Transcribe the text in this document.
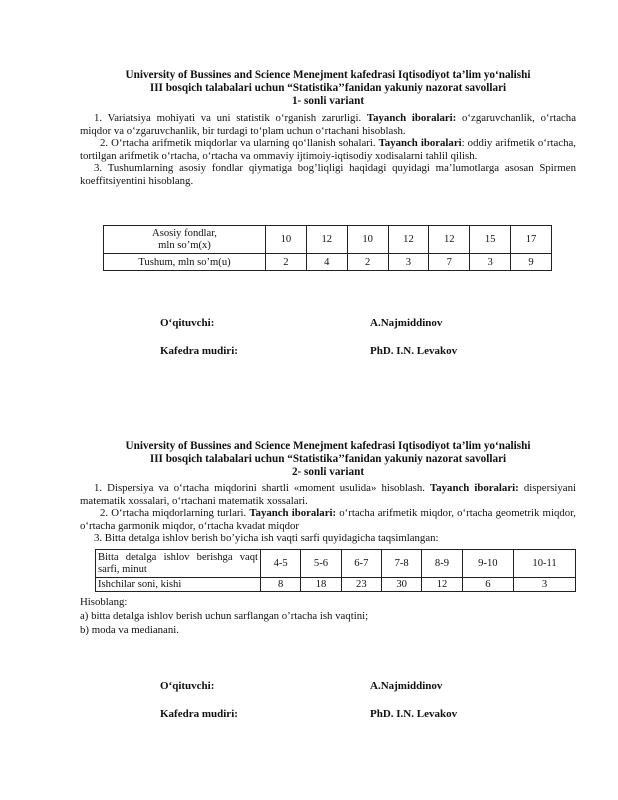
University of Bussines and Science Menejment kafedrasi Iqtisodiyot ta’lim yo‘nalishi
III bosqich talabalari uchun “Statistika’’fanidan yakuniy nazorat savollari
1- sonli variant
1. Variatsiya mohiyati va uni statistik o‘rganish zarurligi. Tayanch iboralari: o‘zgaruvchanlik, o‘rtacha miqdor va o‘zgaruvchanlik, bir turdagi to‘plam uchun o‘rtachani hisoblash.
2. O‘rtacha arifmetik miqdorlar va ularning qo‘llanish sohalari. Tayanch iboralari: oddiy arifmetik o‘rtacha, tortilgan arifmetik o‘rtacha, o‘rtacha va ommaviy ijtimoiy-iqtisodiy xodisalarni tahlil qilish.
3. Tushumlarning asosiy fondlar qiymatiga bog’liqligi haqidagi quyidagi ma’lumotlarga asosan Spirmen koeffitsiyentini hisoblang.
Asosiy fondlar,
mln so’m(x)	10	12	10	12	12	15	17
Tushum, mln so’m(u)	2	4	2	3	7	3	9
O‘qituvchi:	A.Najmiddinov
Kafedra mudiri:	PhD. I.N. Levakov
University of Bussines and Science Menejment kafedrasi Iqtisodiyot ta’lim yo‘nalishi
III bosqich talabalari uchun “Statistika’’fanidan yakuniy nazorat savollari
2- sonli variant
1. Dispersiya va o‘rtacha miqdorini shartli «moment usulida» hisoblash. Tayanch iboralari: dispersiyani matematik xossalari, o‘rtachani matematik xossalari.
2. O‘rtacha miqdorlarning turlari. Tayanch iboralari: o‘rtacha arifmetik miqdor, o‘rtacha geometrik miqdor, o‘rtacha garmonik miqdor, o‘rtacha kvadat miqdor
3. Bitta detalga ishlov berish bo’yicha ish vaqti sarfi quyidagicha taqsimlangan:
Bitta detalga ishlov berishga vaqt sarfi, minut	4-5	5-6	6-7	7-8	8-9	9-10	10-11
Ishchilar soni, kishi	8	18	23	30	12	6	3
Hisoblang:
a) bitta detalga ishlov berish uchun sarflangan o’rtacha ish vaqtini;
b) moda va medianani.
O‘qituvchi:	A.Najmiddinov
Kafedra mudiri:	PhD. I.N. Levakov
